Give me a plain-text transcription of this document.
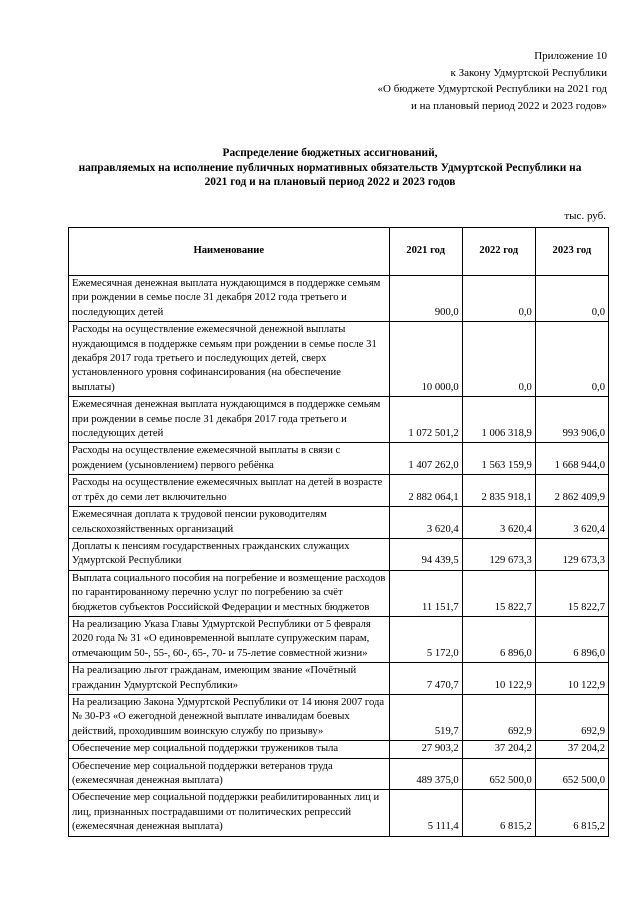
Приложение 10
к Закону Удмуртской Республики
«О бюджете Удмуртской Республики на 2021 год
и на плановый период 2022 и 2023 годов»
Распределение бюджетных ассигнований,
направляемых на исполнение публичных нормативных обязательств Удмуртской Республики на
2021 год и на плановый период 2022 и 2023 годов
тыс. руб.
Наименование	2021 год	2022 год	2023 год
Ежемесячная денежная выплата нуждающимся в поддержке семьям при рождении в семье после 31 декабря 2012 года третьего и последующих детей	900,0	0,0	0,0
Расходы на осуществление ежемесячной денежной выплаты нуждающимся в поддержке семьям при рождении в семье после 31 декабря 2017 года третьего и последующих детей, сверх установленного уровня софинансирования (на обеспечение выплаты)	10 000,0	0,0	0,0
Ежемесячная денежная выплата нуждающимся в поддержке семьям при рождении в семье после 31 декабря 2017 года третьего и последующих детей	1 072 501,2	1 006 318,9	993 906,0
Расходы на осуществление ежемесячной выплаты в связи с рождением (усыновлением) первого ребёнка	1 407 262,0	1 563 159,9	1 668 944,0
Расходы на осуществление ежемесячных выплат на детей в возрасте от трёх до семи лет включительно	2 882 064,1	2 835 918,1	2 862 409,9
Ежемесячная доплата к трудовой пенсии руководителям сельскохозяйственных организаций	3 620,4	3 620,4	3 620,4
Доплаты к пенсиям государственных гражданских служащих Удмуртской Республики	94 439,5	129 673,3	129 673,3
Выплата социального пособия на погребение и возмещение расходов по гарантированному перечню услуг по погребению за счёт бюджетов субъектов Российской Федерации и местных бюджетов	11 151,7	15 822,7	15 822,7
На реализацию Указа Главы Удмуртской Республики от 5 февраля 2020 года № 31 «О единовременной выплате супружеским парам, отмечающим 50-, 55-, 60-, 65-, 70- и 75-летие совместной жизни»	5 172,0	6 896,0	6 896,0
На реализацию льгот гражданам, имеющим звание «Почётный гражданин Удмуртской Республики»	7 470,7	10 122,9	10 122,9
На реализацию Закона Удмуртской Республики от 14 июня 2007 года № 30-РЗ «О ежегодной денежной выплате инвалидам боевых действий, проходившим воинскую службу по призыву»	519,7	692,9	692,9
Обеспечение мер социальной поддержки тружеников тыла	27 903,2	37 204,2	37 204,2
Обеспечение мер социальной поддержки ветеранов труда (ежемесячная денежная выплата)	489 375,0	652 500,0	652 500,0
Обеспечение мер социальной поддержки реабилитированных лиц и лиц, признанных пострадавшими от политических репрессий (ежемесячная денежная выплата)	5 111,4	6 815,2	6 815,2
